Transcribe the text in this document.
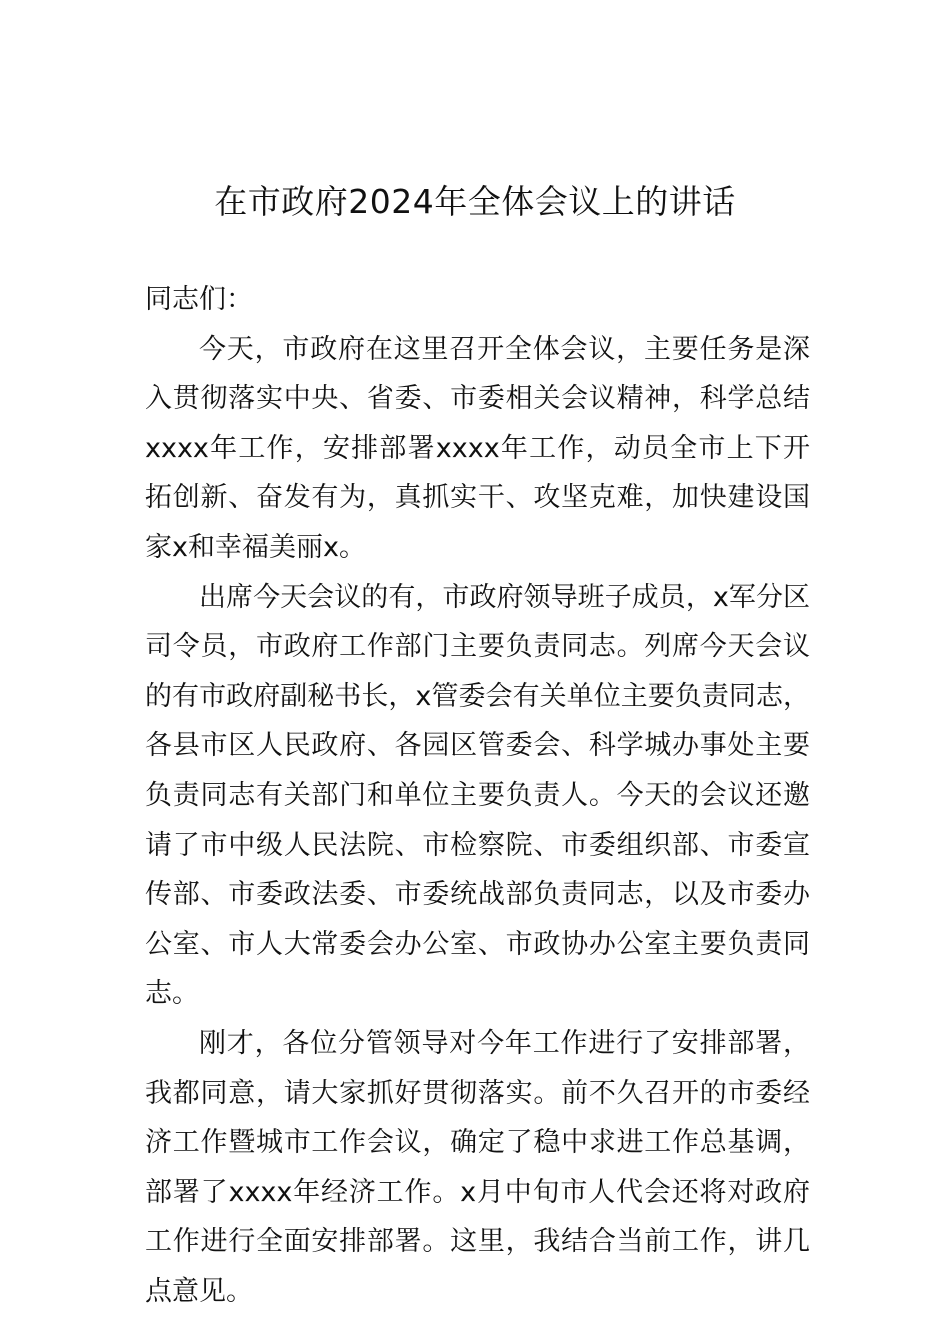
在市政府2024年全体会议上的讲话

同志们：

今天，市政府在这里召开全体会议，主要任务是深入贯彻落实中央、省委、市委相关会议精神，科学总结xxxx年工作，安排部署xxxx年工作，动员全市上下开拓创新、奋发有为，真抓实干、攻坚克难，加快建设国家x和幸福美丽x。

出席今天会议的有，市政府领导班子成员，x军分区司令员，市政府工作部门主要负责同志。列席今天会议的有市政府副秘书长，x管委会有关单位主要负责同志，各县市区人民政府、各园区管委会、科学城办事处主要负责同志有关部门和单位主要负责人。今天的会议还邀请了市中级人民法院、市检察院、市委组织部、市委宣传部、市委政法委、市委统战部负责同志，以及市委办公室、市人大常委会办公室、市政协办公室主要负责同志。

刚才，各位分管领导对今年工作进行了安排部署，我都同意，请大家抓好贯彻落实。前不久召开的市委经济工作暨城市工作会议，确定了稳中求进工作总基调，部署了xxxx年经济工作。x月中旬市人代会还将对政府工作进行全面安排部署。这里，我结合当前工作，讲几点意见。
